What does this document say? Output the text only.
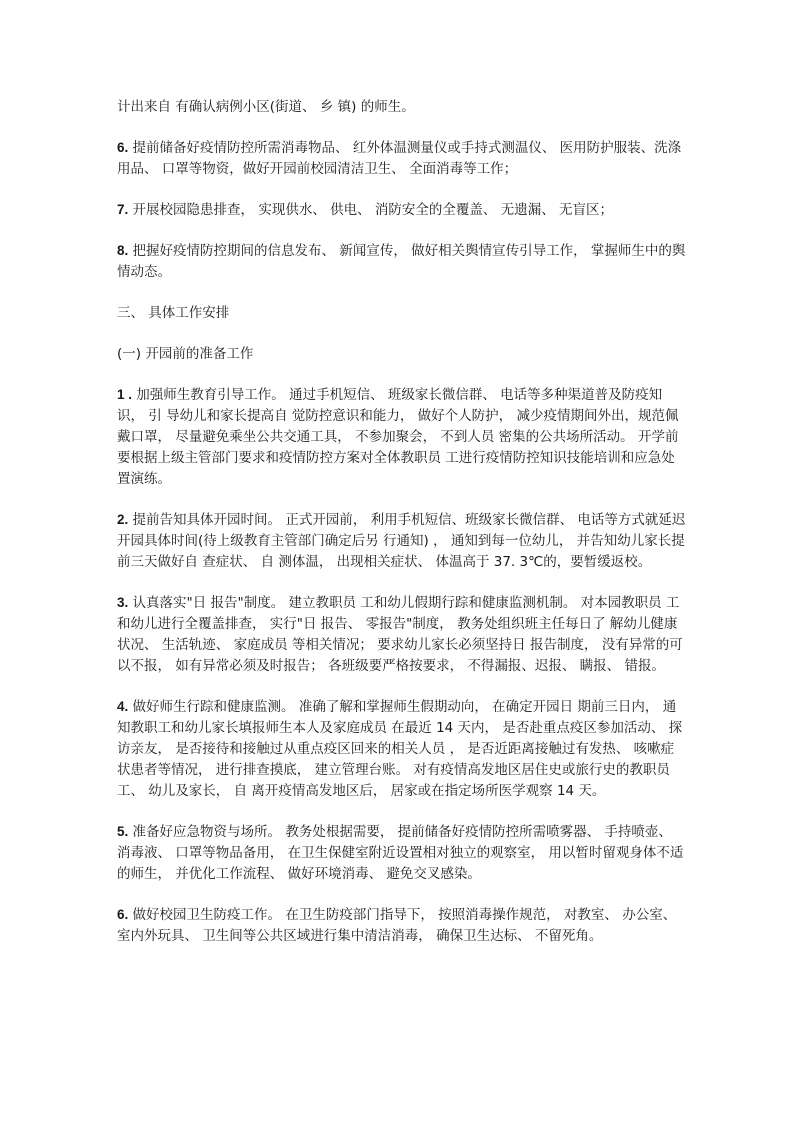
计出来自 有确认病例小区(街道、 乡 镇) 的师生。

6. 提前储备好疫情防控所需消毒物品、 红外体温测量仪或手持式测温仪、 医用防护服装、洗涤用品、 口罩等物资，做好开园前校园清洁卫生、 全面消毒等工作；

7. 开展校园隐患排查， 实现供水、 供电、 消防安全的全覆盖、 无遗漏、 无盲区；

8. 把握好疫情防控期间的信息发布、 新闻宣传， 做好相关舆情宣传引导工作， 掌握师生中的舆情动态。

三、 具体工作安排

(一) 开园前的准备工作

1 . 加强师生教育引导工作。 通过手机短信、 班级家长微信群、 电话等多种渠道普及防疫知识， 引 导幼儿和家长提高自 觉防控意识和能力， 做好个人防护， 减少疫情期间外出，规范佩戴口罩， 尽量避免乘坐公共交通工具， 不参加聚会， 不到人员 密集的公共场所活动。 开学前要根据上级主管部门要求和疫情防控方案对全体教职员 工进行疫情防控知识技能培训和应急处置演练。

2. 提前告知具体开园时间。 正式开园前， 利用手机短信、班级家长微信群、 电话等方式就延迟开园具体时间(待上级教育主管部门确定后另 行通知) ， 通知到每一位幼儿， 并告知幼儿家长提前三天做好自 查症状、 自 测体温， 出现相关症状、 体温高于 37. 3℃的，要暂缓返校。

3. 认真落实"日 报告"制度。 建立教职员 工和幼儿假期行踪和健康监测机制。 对本园教职员 工和幼儿进行全覆盖排查， 实行"日 报告、 零报告"制度， 教务处组织班主任每日了 解幼儿健康状况、 生活轨迹、 家庭成员 等相关情况； 要求幼儿家长必须坚持日 报告制度， 没有异常的可以不报， 如有异常必须及时报告； 各班级要严格按要求， 不得漏报、迟报、 瞒报、 错报。

4. 做好师生行踪和健康监测。 准确了解和掌握师生假期动向， 在确定开园日 期前三日内， 通知教职工和幼儿家长填报师生本人及家庭成员 在最近 14 天内， 是否赴重点疫区参加活动、 探访亲友， 是否接待和接触过从重点疫区回来的相关人员 ， 是否近距离接触过有发热、 咳嗽症状患者等情况， 进行排查摸底， 建立管理台账。 对有疫情高发地区居住史或旅行史的教职员 工、 幼儿及家长， 自 离开疫情高发地区后， 居家或在指定场所医学观察 14 天。

5. 准备好应急物资与场所。 教务处根据需要， 提前储备好疫情防控所需喷雾器、 手持喷壶、 消毒液、 口罩等物品备用， 在卫生保健室附近设置相对独立的观察室， 用以暂时留观身体不适的师生， 并优化工作流程、 做好环境消毒、 避免交叉感染。

6. 做好校园卫生防疫工作。 在卫生防疫部门指导下， 按照消毒操作规范， 对教室、 办公室、 室内外玩具、 卫生间等公共区域进行集中清洁消毒， 确保卫生达标、 不留死角。
